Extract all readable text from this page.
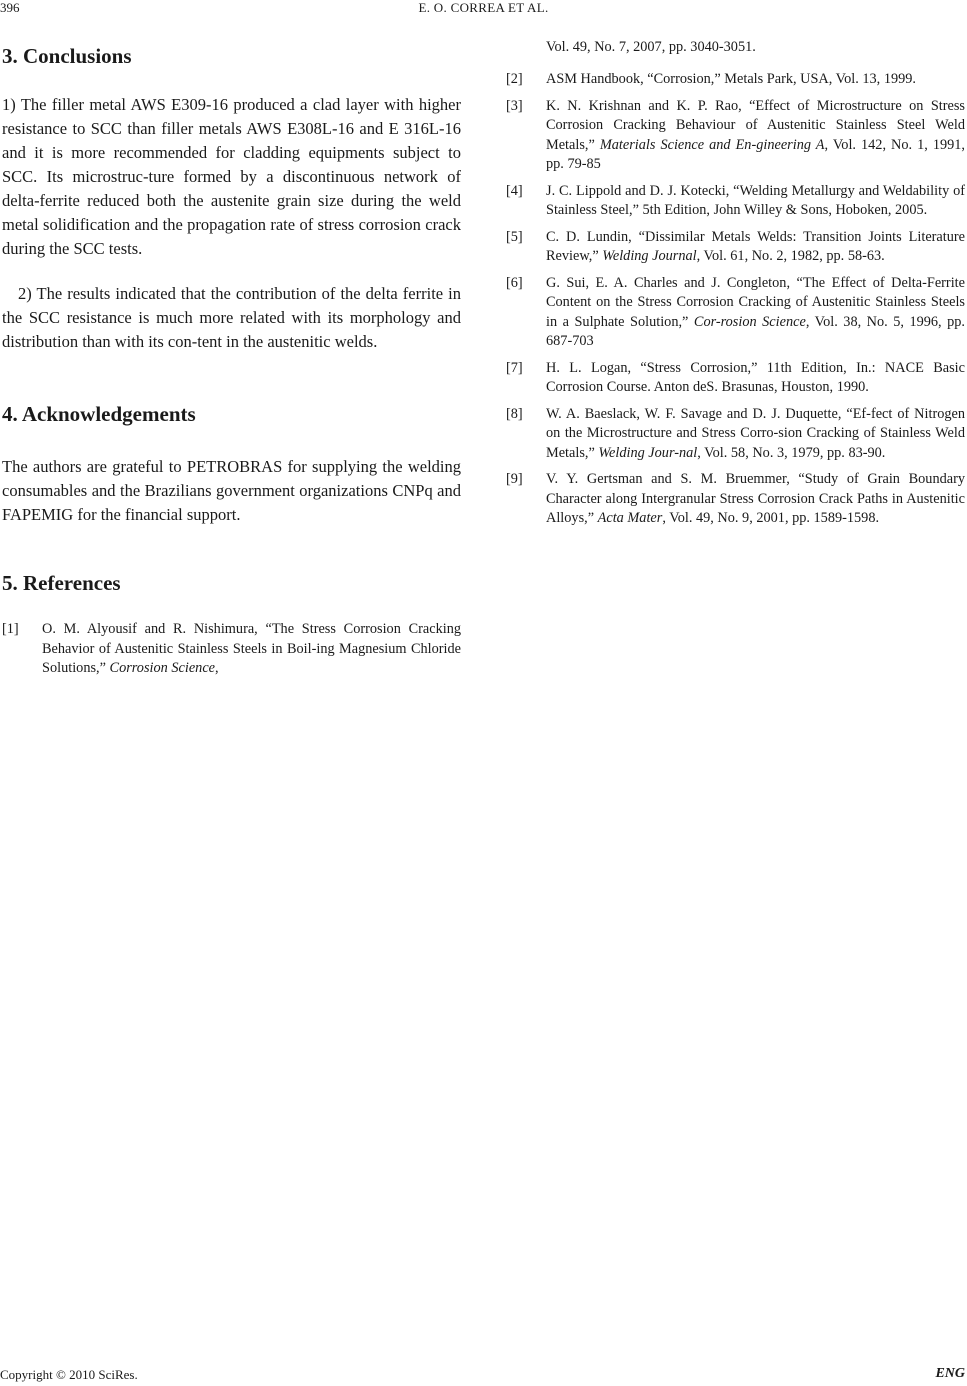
396	E. O. CORREA ET AL.
3. Conclusions

1) The filler metal AWS E309-16 produced a clad layer with higher resistance to SCC than filler metals AWS E308L-16 and E 316L-16 and it is more recommended for cladding equipments subject to SCC. Its microstruc-ture formed by a discontinuous network of delta-ferrite reduced both the austenite grain size during the weld metal solidification and the propagation rate of stress corrosion crack during the SCC tests.

2) The results indicated that the contribution of the delta ferrite in the SCC resistance is much more related with its morphology and distribution than with its con-tent in the austenitic welds.

4. Acknowledgements

The authors are grateful to PETROBRAS for supplying the welding consumables and the Brazilians government organizations CNPq and FAPEMIG for the financial support.

5. References
[1]	O. M. Alyousif and R. Nishimura, “The Stress Corrosion Cracking Behavior of Austenitic Stainless Steels in Boil-ing Magnesium Chloride Solutions,” Corrosion Science,
Vol. 49, No. 7, 2007, pp. 3040-3051.
[2]	ASM Handbook, “Corrosion,” Metals Park, USA, Vol. 13, 1999.
[3]	K. N. Krishnan and K. P. Rao, “Effect of Microstructure on Stress Corrosion Cracking Behaviour of Austenitic Stainless Steel Weld Metals,” Materials Science and En-gineering A, Vol. 142, No. 1, 1991, pp. 79-85
[4]	J. C. Lippold and D. J. Kotecki, “Welding Metallurgy and Weldability of Stainless Steel,” 5th Edition, John Willey & Sons, Hoboken, 2005.
[5]	C. D. Lundin, “Dissimilar Metals Welds: Transition Joints Literature Review,” Welding Journal, Vol. 61, No. 2, 1982, pp. 58-63.
[6]	G. Sui, E. A. Charles and J. Congleton, “The Effect of Delta-Ferrite Content on the Stress Corrosion Cracking of Austenitic Stainless Steels in a Sulphate Solution,” Cor-rosion Science, Vol. 38, No. 5, 1996, pp. 687-703
[7]	H. L. Logan, “Stress Corrosion,” 11th Edition, In.: NACE Basic Corrosion Course. Anton deS. Brasunas, Houston, 1990.
[8]	W. A. Baeslack, W. F. Savage and D. J. Duquette, “Ef-fect of Nitrogen on the Microstructure and Stress Corro-sion Cracking of Stainless Weld Metals,” Welding Jour-nal, Vol. 58, No. 3, 1979, pp. 83-90.
[9]	V. Y. Gertsman and S. M. Bruemmer, “Study of Grain Boundary Character along Intergranular Stress Corrosion Crack Paths in Austenitic Alloys,” Acta Mater, Vol. 49, No. 9, 2001, pp. 1589-1598.
Copyright © 2010 SciRes.	ENG
